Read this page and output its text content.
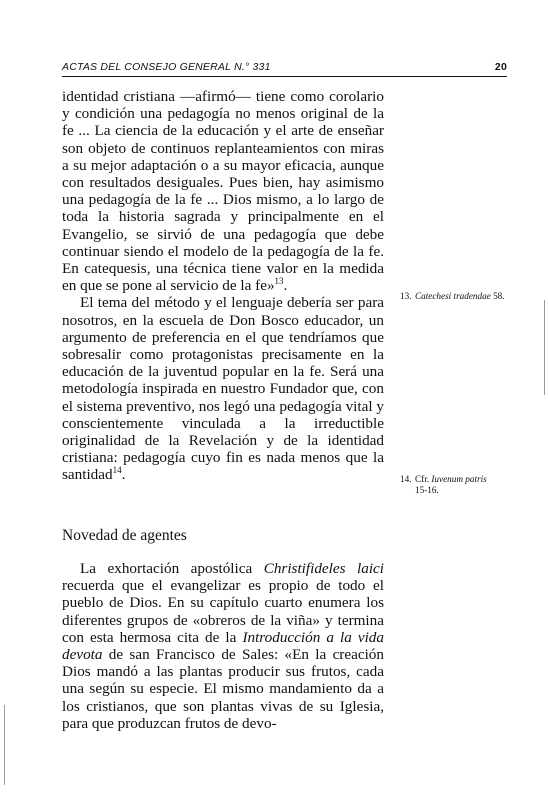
ACTAS DEL CONSEJO GENERAL N.° 331	20

identidad cristiana —afirmó— tiene como corolario y condición una pedagogía no menos original de la fe ... La ciencia de la educación y el arte de enseñar son objeto de continuos replanteamientos con miras a su mejor adaptación o a su mayor eficacia, aunque con resultados desiguales. Pues bien, hay asimismo una pedagogía de la fe ... Dios mismo, a lo largo de toda la historia sagrada y principalmente en el Evangelio, se sirvió de una pedagogía que debe continuar siendo el modelo de la pedagogía de la fe. En catequesis, una técnica tiene valor en la medida en que se pone al servicio de la fe»$^{13}$.

El tema del método y el lenguaje debería ser para nosotros, en la escuela de Don Bosco educador, un argumento de preferencia en el que tendríamos que sobresalir como protagonistas precisamente en la educación de la juventud popular en la fe. Será una metodología inspirada en nuestro Fundador que, con el sistema preventivo, nos legó una pedagogía vital y conscientemente vinculada a la irreductible originalidad de la Revelación y de la identidad cristiana: pedagogía cuyo fin es nada menos que la santidad$^{14}$.

13. Catechesi tradendae 58.
14. Cfr. Iuvenum patris
15-16.
Novedad de agentes

La exhortación apostólica Christifideles laici recuerda que el evangelizar es propio de todo el pueblo de Dios. En su capítulo cuarto enumera los diferentes grupos de «obreros de la viña» y termina con esta hermosa cita de la Introducción a la vida devota de san Francisco de Sales: «En la creación Dios mandó a las plantas producir sus frutos, cada una según su especie. El mismo mandamiento da a los cristianos, que son plantas vivas de su Iglesia, para que produzcan frutos de devo-
